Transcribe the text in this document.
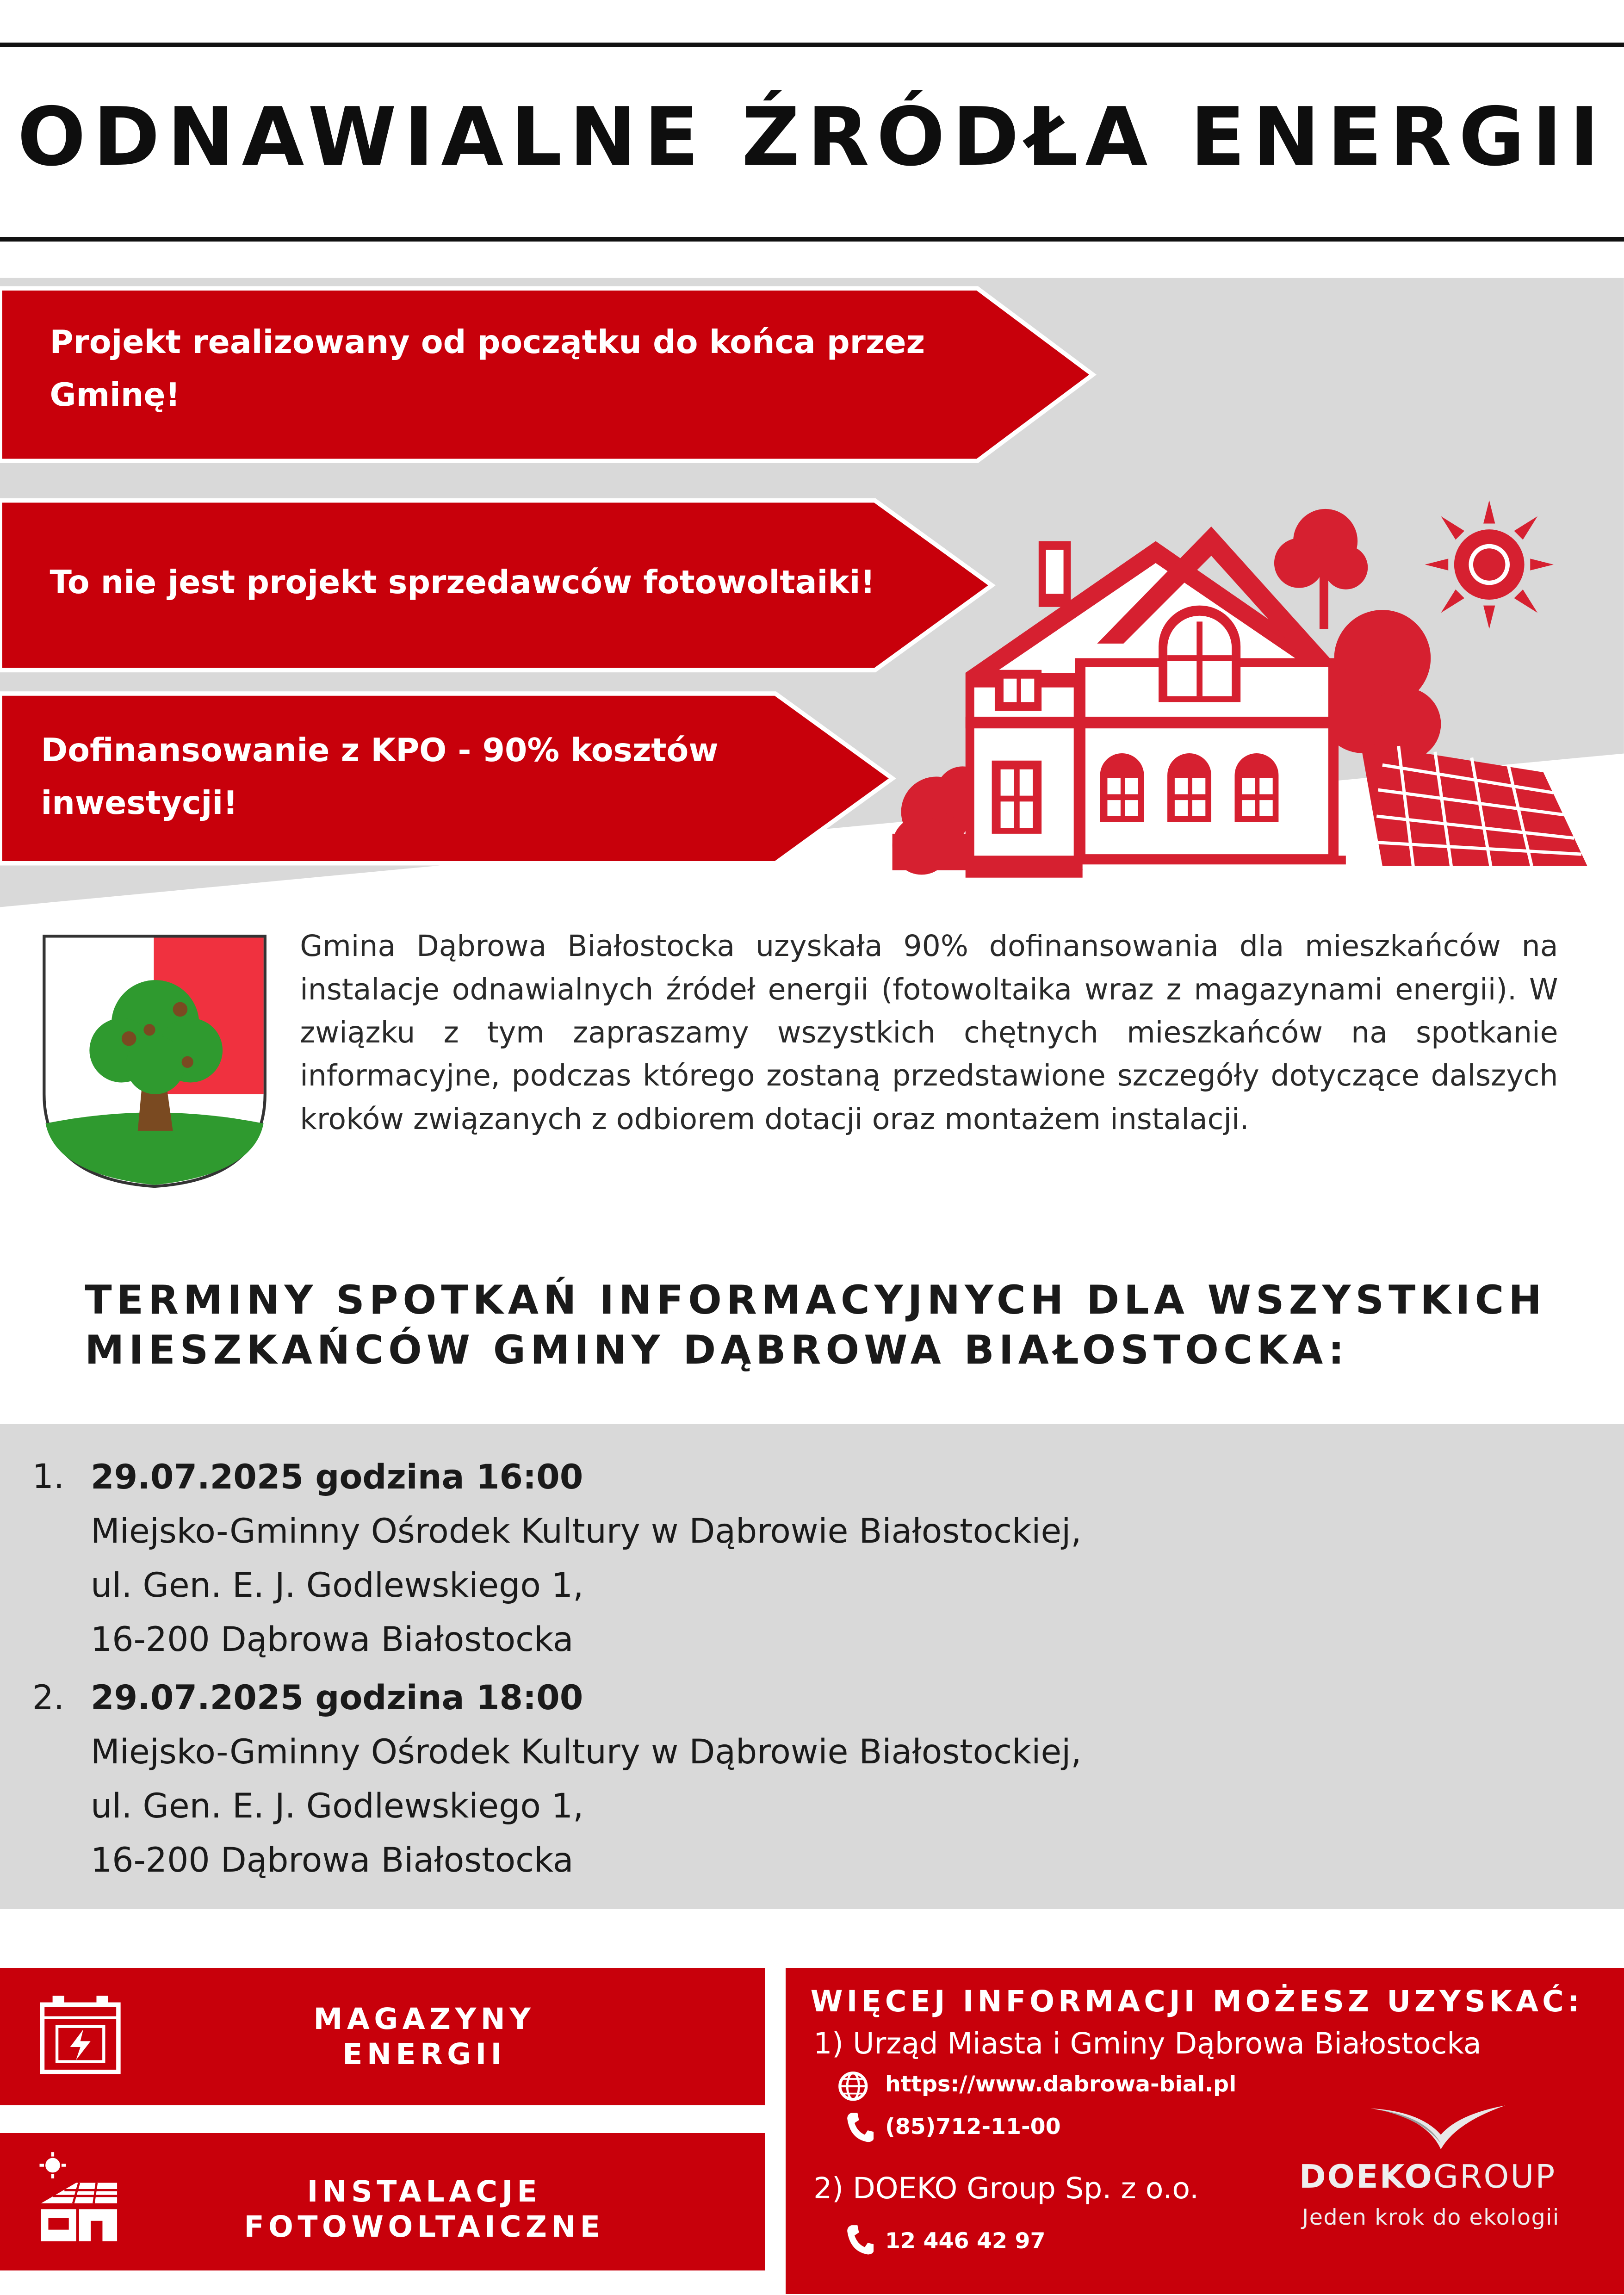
ODNAWIALNE ŹRÓDŁA ENERGII
Projekt realizowany od początku do końca przez
Gminę!
To nie jest projekt sprzedawców fotowoltaiki!
Dofinansowanie z KPO - 90% kosztów
inwestycji!
Gmina Dąbrowa Białostocka uzyskała 90% dofinansowania dla mieszkańców na instalacje odnawialnych źródeł energii (fotowoltaika wraz z magazynami energii). W związku z tym zapraszamy wszystkich chętnych mieszkańców na spotkanie informacyjne, podczas którego zostaną przedstawione szczegóły dotyczące dalszych kroków związanych z odbiorem dotacji oraz montażem instalacji.
TERMINY SPOTKAŃ INFORMACYJNYCH DLA WSZYSTKICH
MIESZKAŃCÓW GMINY DĄBROWA BIAŁOSTOCKA:
1. 29.07.2025 godzina 16:00
Miejsko-Gminny Ośrodek Kultury w Dąbrowie Białostockiej,
ul. Gen. E. J. Godlewskiego 1,
16-200 Dąbrowa Białostocka
2. 29.07.2025 godzina 18:00
Miejsko-Gminny Ośrodek Kultury w Dąbrowie Białostockiej,
ul. Gen. E. J. Godlewskiego 1,
16-200 Dąbrowa Białostocka
MAGAZYNY
ENERGII
INSTALACJE
FOTOWOLTAICZNE
WIĘCEJ INFORMACJI MOŻESZ UZYSKAĆ:
1) Urząd Miasta i Gminy Dąbrowa Białostocka
https://www.dabrowa-bial.pl
(85)712-11-00
2) DOEKO Group Sp. z o.o.
12 446 42 97
DOEKOGROUP
Jeden krok do ekologii
